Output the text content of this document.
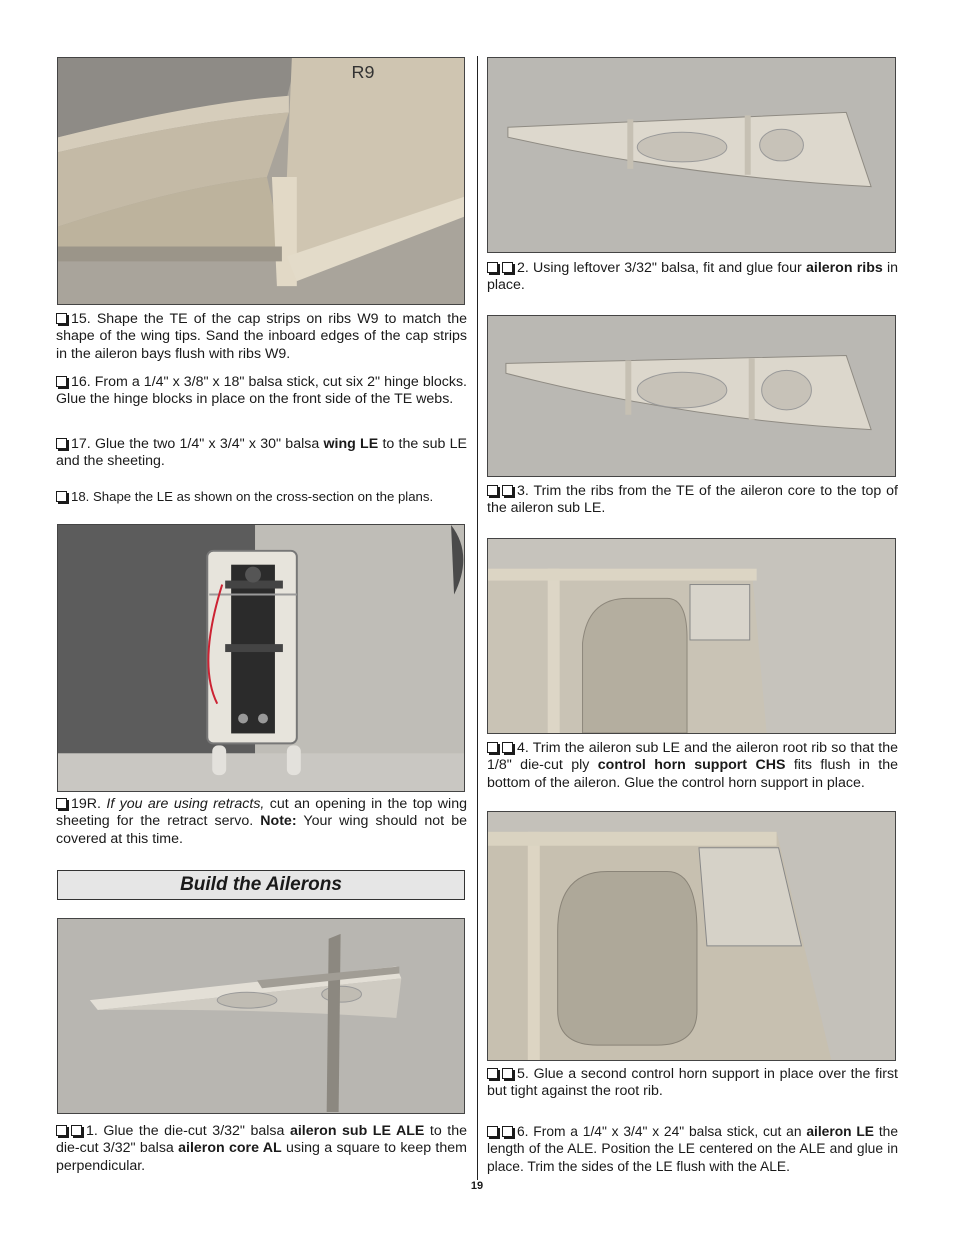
R9
15. Shape the TE of the cap strips on ribs W9 to match the shape of the wing tips. Sand the inboard edges of the cap strips in the aileron bays flush with ribs W9.
16. From a 1/4" x 3/8" x 18" balsa stick, cut six 2" hinge blocks. Glue the hinge blocks in place on the front side of the TE webs.
17. Glue the two 1/4" x 3/4" x 30" balsa wing LE to the sub LE and the sheeting.
18. Shape the LE as shown on the cross-section on the plans.
19R. If you are using retracts, cut an opening in the top wing sheeting for the retract servo. Note: Your wing should not be covered at this time.
Build the Ailerons
1. Glue the die-cut 3/32" balsa aileron sub LE ALE to the die-cut 3/32" balsa aileron core AL using a square to keep them perpendicular.
2. Using leftover 3/32" balsa, fit and glue four aileron ribs in place.
3. Trim the ribs from the TE of the aileron core to the top of the aileron sub LE.
4. Trim the aileron sub LE and the aileron root rib so that the 1/8" die-cut ply control horn support CHS fits flush in the bottom of the aileron. Glue the control horn support in place.
5. Glue a second control horn support in place over the first but tight against the root rib.
6. From a 1/4" x 3/4" x 24" balsa stick, cut an aileron LE the length of the ALE. Position the LE centered on the ALE and glue in place. Trim the sides of the LE flush with the ALE.
19
